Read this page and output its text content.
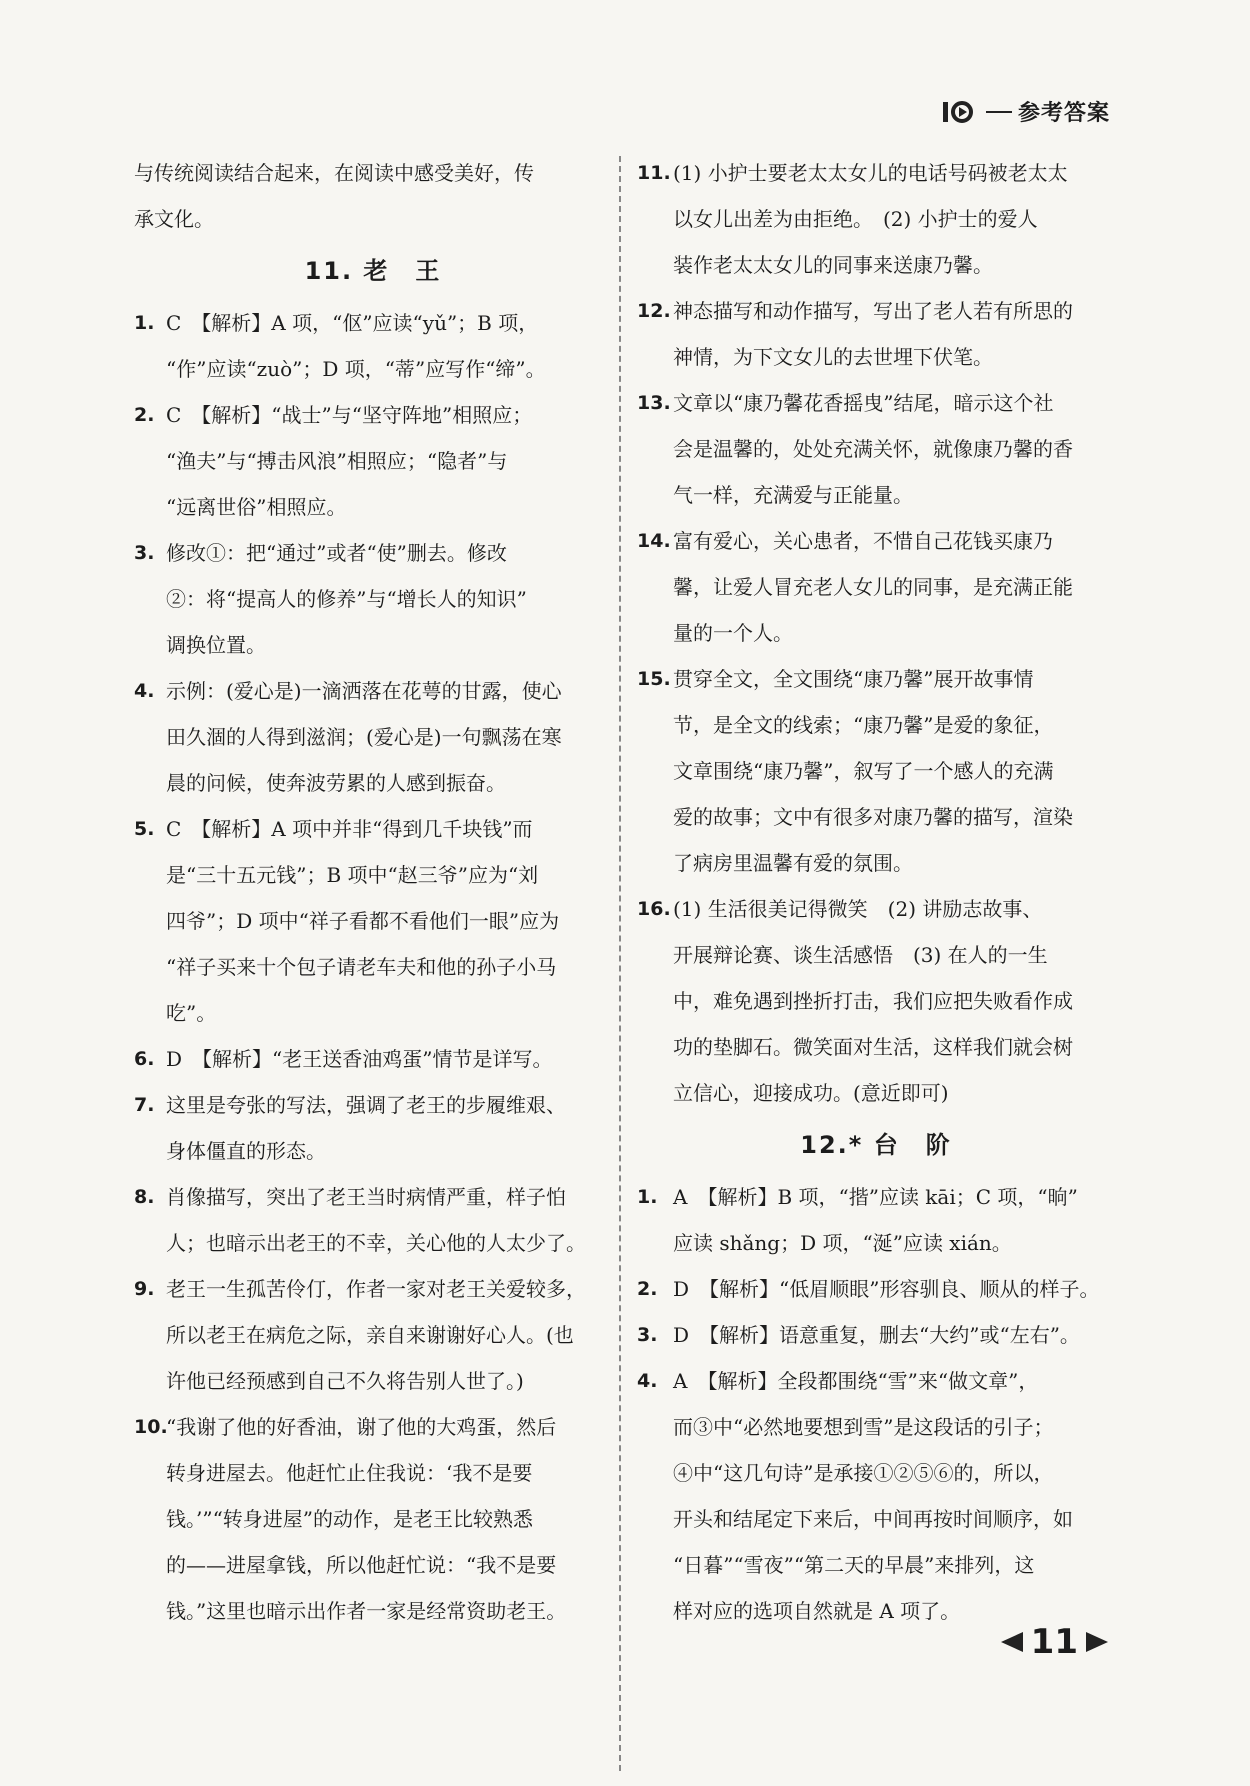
参考答案
与传统阅读结合起来，在阅读中感受美好，传
承文化。
11. 老　王
1. C　【解析】A 项，“伛”应读“yǔ”；B 项，
“作”应读“zuò”；D 项，“蒂”应写作“缔”。
2. C　【解析】“战士”与“坚守阵地”相照应；
“渔夫”与“搏击风浪”相照应；“隐者”与
“远离世俗”相照应。
3. 修改①：把“通过”或者“使”删去。修改
②：将“提高人的修养”与“增长人的知识”
调换位置。
4. 示例：(爱心是)一滴洒落在花萼的甘露，使心
田久涸的人得到滋润；(爱心是)一句飘荡在寒
晨的问候，使奔波劳累的人感到振奋。
5. C　【解析】A 项中并非“得到几千块钱”而
是“三十五元钱”；B 项中“赵三爷”应为“刘
四爷”；D 项中“祥子看都不看他们一眼”应为
“祥子买来十个包子请老车夫和他的孙子小马
吃”。
6. D　【解析】“老王送香油鸡蛋”情节是详写。
7. 这里是夸张的写法，强调了老王的步履维艰、
身体僵直的形态。
8. 肖像描写，突出了老王当时病情严重，样子怕
人；也暗示出老王的不幸，关心他的人太少了。
9. 老王一生孤苦伶仃，作者一家对老王关爱较多，
所以老王在病危之际，亲自来谢谢好心人。(也
许他已经预感到自己不久将告别人世了。)
10.
“我谢了他的好香油，谢了他的大鸡蛋，然后
转身进屋去。他赶忙止住我说：‘我不是要
钱。’”“转身进屋”的动作，是老王比较熟悉
的——进屋拿钱，所以他赶忙说：“我不是要
钱。”这里也暗示出作者一家是经常资助老王。
11. (1) 小护士要老太太女儿的电话号码被老太太
以女儿出差为由拒绝。　(2) 小护士的爱人
装作老太太女儿的同事来送康乃馨。
12. 神态描写和动作描写，写出了老人若有所思的
神情，为下文女儿的去世埋下伏笔。
13. 文章以“康乃馨花香摇曳”结尾，暗示这个社
会是温馨的，处处充满关怀，就像康乃馨的香
气一样，充满爱与正能量。
14. 富有爱心，关心患者，不惜自己花钱买康乃
馨，让爱人冒充老人女儿的同事，是充满正能
量的一个人。
15. 贯穿全文，全文围绕“康乃馨”展开故事情
节，是全文的线索；“康乃馨”是爱的象征，
文章围绕“康乃馨”，叙写了一个感人的充满
爱的故事；文中有很多对康乃馨的描写，渲染
了病房里温馨有爱的氛围。
16. (1) 生活很美记得微笑　(2) 讲励志故事、
开展辩论赛、谈生活感悟　(3) 在人的一生
中，难免遇到挫折打击，我们应把失败看作成
功的垫脚石。微笑面对生活，这样我们就会树
立信心，迎接成功。(意近即可)
12.* 台　阶
1. A　【解析】B 项，“揩”应读 kāi；C 项，“晌”
应读 shǎng；D 项，“涎”应读 xián。
2. D　【解析】“低眉顺眼”形容驯良、顺从的样子。
3. D　【解析】语意重复，删去“大约”或“左右”。
4. A　【解析】全段都围绕“雪”来“做文章”，
而③中“必然地要想到雪”是这段话的引子；
④中“这几句诗”是承接①②⑤⑥的，所以，
开头和结尾定下来后，中间再按时间顺序，如
“日暮”“雪夜”“第二天的早晨”来排列，这
样对应的选项自然就是 A 项了。
11
